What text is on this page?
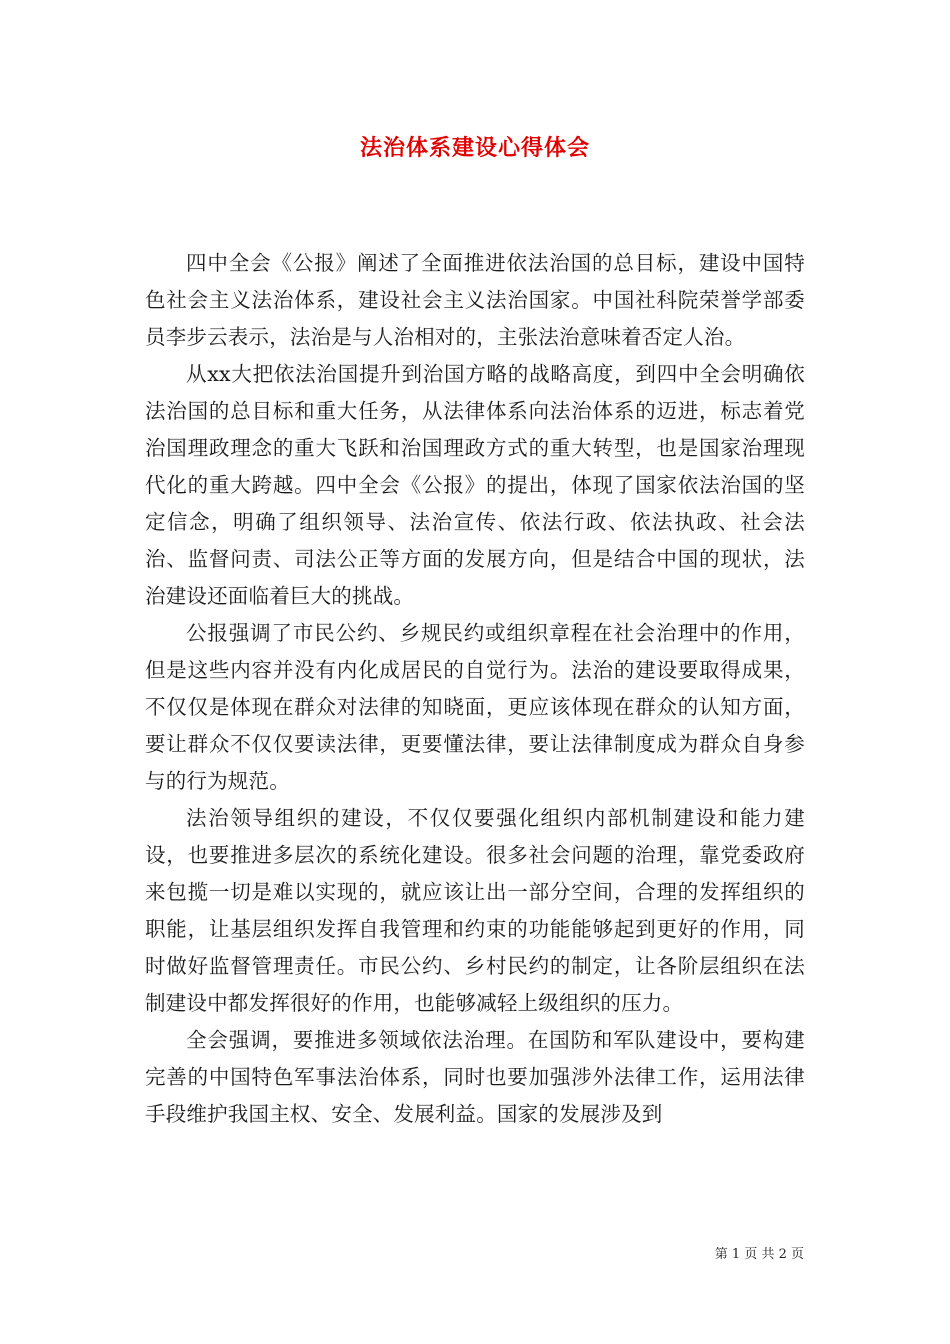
法治体系建设心得体会

四中全会《公报》阐述了全面推进依法治国的总目标，建设中国特色社会主义法治体系，建设社会主义法治国家。中国社科院荣誉学部委员李步云表示，法治是与人治相对的，主张法治意味着否定人治。

从xx大把依法治国提升到治国方略的战略高度，到四中全会明确依法治国的总目标和重大任务，从法律体系向法治体系的迈进，标志着党治国理政理念的重大飞跃和治国理政方式的重大转型，也是国家治理现代化的重大跨越。四中全会《公报》的提出，体现了国家依法治国的坚定信念，明确了组织领导、法治宣传、依法行政、依法执政、社会法治、监督问责、司法公正等方面的发展方向，但是结合中国的现状，法治建设还面临着巨大的挑战。

公报强调了市民公约、乡规民约或组织章程在社会治理中的作用，但是这些内容并没有内化成居民的自觉行为。法治的建设要取得成果，不仅仅是体现在群众对法律的知晓面，更应该体现在群众的认知方面，要让群众不仅仅要读法律，更要懂法律，要让法律制度成为群众自身参与的行为规范。

法治领导组织的建设，不仅仅要强化组织内部机制建设和能力建设，也要推进多层次的系统化建设。很多社会问题的治理，靠党委政府来包揽一切是难以实现的，就应该让出一部分空间，合理的发挥组织的职能，让基层组织发挥自我管理和约束的功能能够起到更好的作用，同时做好监督管理责任。市民公约、乡村民约的制定，让各阶层组织在法制建设中都发挥很好的作用，也能够减轻上级组织的压力。

全会强调，要推进多领域依法治理。在国防和军队建设中，要构建完善的中国特色军事法治体系，同时也要加强涉外法律工作，运用法律手段维护我国主权、安全、发展利益。国家的发展涉及到

第 1 页 共 2 页
